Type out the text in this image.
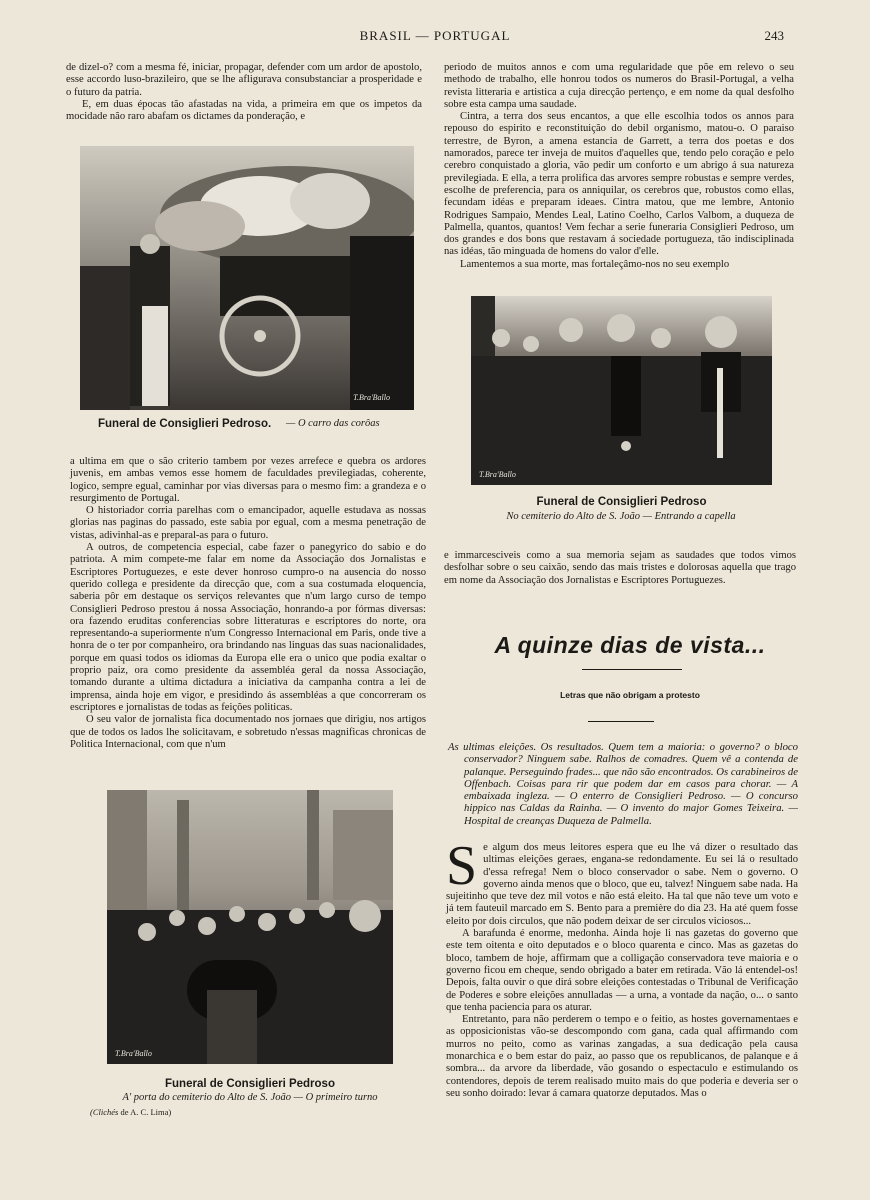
BRASIL — PORTUGAL	243

de dizel-o? com a mesma fé, iniciar, propagar, defender com um ardor de apostolo, esse accordo luso-brazileiro, que se lhe afligurava consubstanciar a prosperidade e o futuro da patria.

E, em duas épocas tão afastadas na vida, a primeira em que os impetos da mocidade não raro abafam os dictames da ponderação, e

T.Bra'Ballo
Funeral de Consiglieri Pedroso.	— O carro das corôas

a ultima em que o são criterio tambem por vezes arrefece e quebra os ardores juvenis, em ambas vemos esse homem de faculdades previlegiadas, coherente, logico, sempre egual, caminhar por vias diversas para o mesmo fim: a grandeza e o resurgimento de Portugal.

O historiador corria parelhas com o emancipador, aquelle estudava as nossas glorias nas paginas do passado, este sabia por egual, com a mesma penetração de vistas, adivinhal-as e preparal-as para o futuro.

A outros, de competencia especial, cabe fazer o panegyrico do sabio e do patriota. A mim compete-me falar em nome da Associação dos Jornalistas e Escriptores Portuguezes, e este dever honroso cumpro-o na ausencia do nosso querido collega e presidente da direcção que, com a sua costumada eloquencia, saberia pôr em destaque os serviços relevantes que n'um largo curso de tempo Consiglieri Pedroso prestou á nossa Associação, honrando-a por fórmas diversas: ora fazendo eruditas conferencias sobre litteraturas e escriptores do norte, ora representando-a superiormente n'um Congresso Internacional em Paris, onde tive a honra de o ter por companheiro, ora brindando nas linguas das suas nacionalidades, porque em quasi todos os idiomas da Europa elle era o unico que podia exaltar o proprio paiz, ora como presidente da assembléa geral da nossa Associação, tomando durante a ultima dictadura a iniciativa da campanha contra a lei de imprensa, ainda hoje em vigor, e presidindo ás assembléas a que concorreram os escriptores e jornalistas de todas as feições politicas.

O seu valor de jornalista fica documentado nos jornaes que dirigiu, nos artigos que de todos os lados lhe solicitavam, e sobretudo n'essas magnificas chronicas de Politica Internacional, com que n'um

T.Bra'Ballo
Funeral de Consiglieri Pedroso
A' porta do cemiterio do Alto de S. João — O primeiro turno
(Clichés de A. C. Lima)

periodo de muitos annos e com uma regularidade que põe em relevo o seu methodo de trabalho, elle honrou todos os numeros do Brasil-Portugal, a velha revista litteraria e artistica a cuja direcção pertenço, e em nome da qual desfolho sobre esta campa uma saudade.

Cintra, a terra dos seus encantos, a que elle escolhia todos os annos para repouso do espirito e reconstituição do debil organismo, matou-o. O paraiso terrestre, de Byron, a amena estancia de Garrett, a terra dos poetas e dos namorados, parece ter inveja de muitos d'aquelles que, tendo pelo coração e pelo cerebro conquistado a gloria, vão pedir um conforto e um abrigo á sua natureza previlegiada. E ella, a terra prolifica das arvores sempre robustas e sempre verdes, escolhe de preferencia, para os anniquilar, os cerebros que, robustos como ellas, fecundam idéas e preparam ideaes. Cintra matou, que me lembre, Antonio Rodrigues Sampaio, Mendes Leal, Latino Coelho, Carlos Valbom, a duqueza de Palmella, quantos, quantos! Vem fechar a serie funeraria Consiglieri Pedroso, um dos grandes e dos bons que restavam á sociedade portugueza, tão indisciplinada nas idéas, tão minguada de homens do valor d'elle.

Lamentemos a sua morte, mas fortaleçâmo-nos no seu exemplo

T.Bra'Ballo
Funeral de Consiglieri Pedroso
No cemiterio do Alto de S. João — Entrando a capella

e immarcesciveis como a sua memoria sejam as saudades que todos vimos desfolhar sobre o seu caixão, sendo das mais tristes e dolorosas aquella que trago em nome da Associação dos Jornalistas e Escriptores Portuguezes.

A quinze dias de vista...
Letras que não obrigam a protesto

As ultimas eleições. Os resultados. Quem tem a maioria: o governo? o bloco conservador? Ninguem sabe. Ralhos de comadres. Quem vê a contenda de palanque. Perseguindo frades... que não são encontrados. Os carabineiros de Offenbach. Coisas para rir que podem dar em casos para chorar. — A embaixada ingleza. — O enterro de Consiglieri Pedroso. — O concurso hippico nas Caldas da Rainha. — O invento do major Gomes Teixeira. — Hospital de creanças Duqueza de Palmella.

S e algum dos meus leitores espera que eu lhe vá dizer o resultado das ultimas eleições geraes, engana-se redondamente. Eu sei lá o resultado d'essa refrega! Nem o bloco conservador o sabe. Nem o governo. O governo ainda menos que o bloco, que eu, talvez! Ninguem sabe nada. Ha sujeitinho que teve dez mil votos e não está eleito. Ha tal que não teve um voto e já tem fauteuil marcado em S. Bento para a première do dia 23. Ha até quem fosse eleito por dois circulos, que não podem deixar de ser circulos viciosos...

A barafunda é enorme, medonha. Ainda hoje li nas gazetas do governo que este tem oitenta e oito deputados e o bloco quarenta e cinco. Mas as gazetas do bloco, tambem de hoje, affirmam que a colligação conservadora teve maioria e o governo ficou em cheque, sendo obrigado a bater em retirada. Vão lá entendel-os! Depois, falta ouvir o que dirá sobre eleições contestadas o Tribunal de Verificação de Poderes e sobre eleições annulladas — a urna, a vontade da nação, o... o santo que tenha paciencia para os aturar.

Entretanto, para não perderem o tempo e o feitio, as hostes governamentaes e as opposicionistas vão-se descompondo com gana, cada qual affirmando com murros no peito, como as varinas zangadas, a sua dedicação pela causa monarchica e o bem estar do paiz, ao passo que os republicanos, de palanque e á sombra... da arvore da liberdade, vão gosando o espectaculo e estimulando os contendores, depois de terem realisado muito mais do que poderia e deveria ser o seu sonho doirado: levar á camara quatorze deputados. Mas o
